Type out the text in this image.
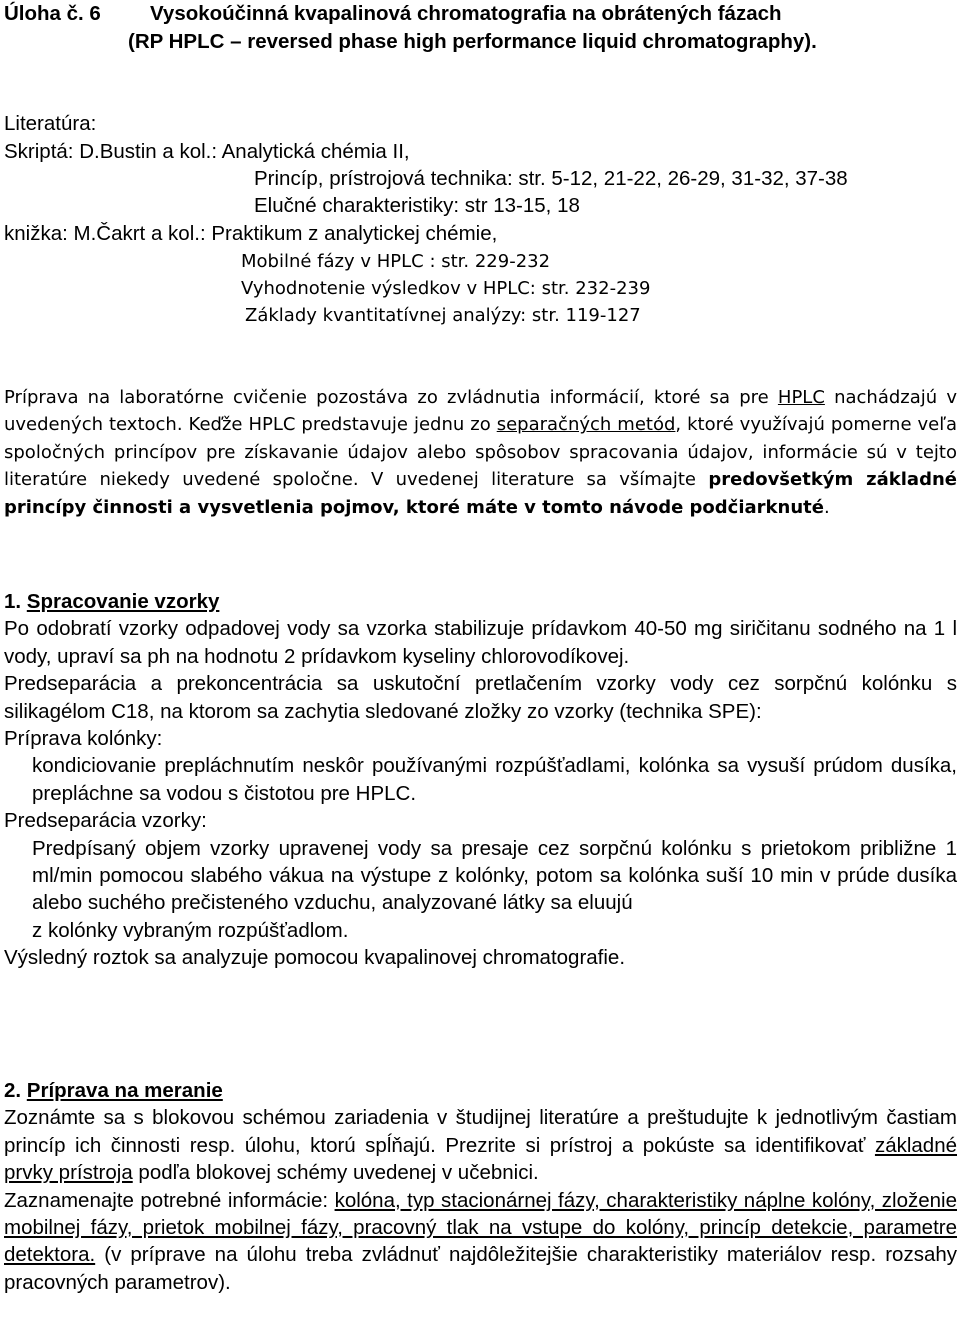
Úloha č. 6 Vysokoúčinná kvapalinová chromatografia na obrátených fázach
(RP HPLC – reversed phase high performance liquid chromatography).
Literatúra:
Skriptá: D.Bustin a kol.: Analytická chémia II,
Princíp, prístrojová technika: str. 5-12, 21-22, 26-29, 31-32, 37-38
Elučné charakteristiky: str 13-15, 18
knižka: M.Čakrt a kol.: Praktikum z analytickej chémie,
Mobilné fázy v HPLC : str. 229-232
Vyhodnotenie výsledkov v HPLC: str. 232-239
Základy kvantitatívnej analýzy: str. 119-127
Príprava na laboratórne cvičenie pozostáva zo zvládnutia informácií, ktoré sa pre HPLC nachádzajú v uvedených textoch. Keďže HPLC predstavuje jednu zo separačných metód, ktoré využívajú pomerne veľa spoločných princípov pre získavanie údajov alebo spôsobov spracovania údajov, informácie sú v tejto literatúre niekedy uvedené spoločne. V uvedenej literature sa všímajte predovšetkým základné princípy činnosti a vysvetlenia pojmov, ktoré máte v tomto návode podčiarknuté.
1. Spracovanie vzorky
Po odobratí vzorky odpadovej vody sa vzorka stabilizuje prídavkom 40-50 mg siričitanu sodného na 1 l vody, upraví sa ph na hodnotu 2 prídavkom kyseliny chlorovodíkovej.
Predseparácia a prekoncentrácia sa uskutoční pretlačením vzorky vody cez sorpčnú kolónku s silikagélom C18, na ktorom sa zachytia sledované zložky zo vzorky (technika SPE):
Príprava kolónky:
kondiciovanie prepláchnutím neskôr používanými rozpúšťadlami, kolónka sa vysuší prúdom dusíka, prepláchne sa vodou s čistotou pre HPLC.
Predseparácia vzorky:
Predpísaný objem vzorky upravenej vody sa presaje cez sorpčnú kolónku s prietokom približne 1 ml/min pomocou slabého vákua na výstupe z kolónky, potom sa kolónka suší 10 min v prúde dusíka alebo suchého prečisteného vzduchu, analyzované látky sa eluujú
z kolónky vybraným rozpúšťadlom.
Výsledný roztok sa analyzuje pomocou kvapalinovej chromatografie.
2. Príprava na meranie
Zoznámte sa s blokovou schémou zariadenia v študijnej literatúre a preštudujte k jednotlivým častiam princíp ich činnosti resp. úlohu, ktorú spĺňajú. Prezrite si prístroj a pokúste sa identifikovať základné prvky prístroja podľa blokovej schémy uvedenej v učebnici.
Zaznamenajte potrebné informácie: kolóna, typ stacionárnej fázy, charakteristiky náplne kolóny, zloženie mobilnej fázy, prietok mobilnej fázy, pracovný tlak na vstupe do kolóny, princíp detekcie, parametre detektora. (v príprave na úlohu treba zvládnuť najdôležitejšie charakteristiky materiálov resp. rozsahy pracovných parametrov).
